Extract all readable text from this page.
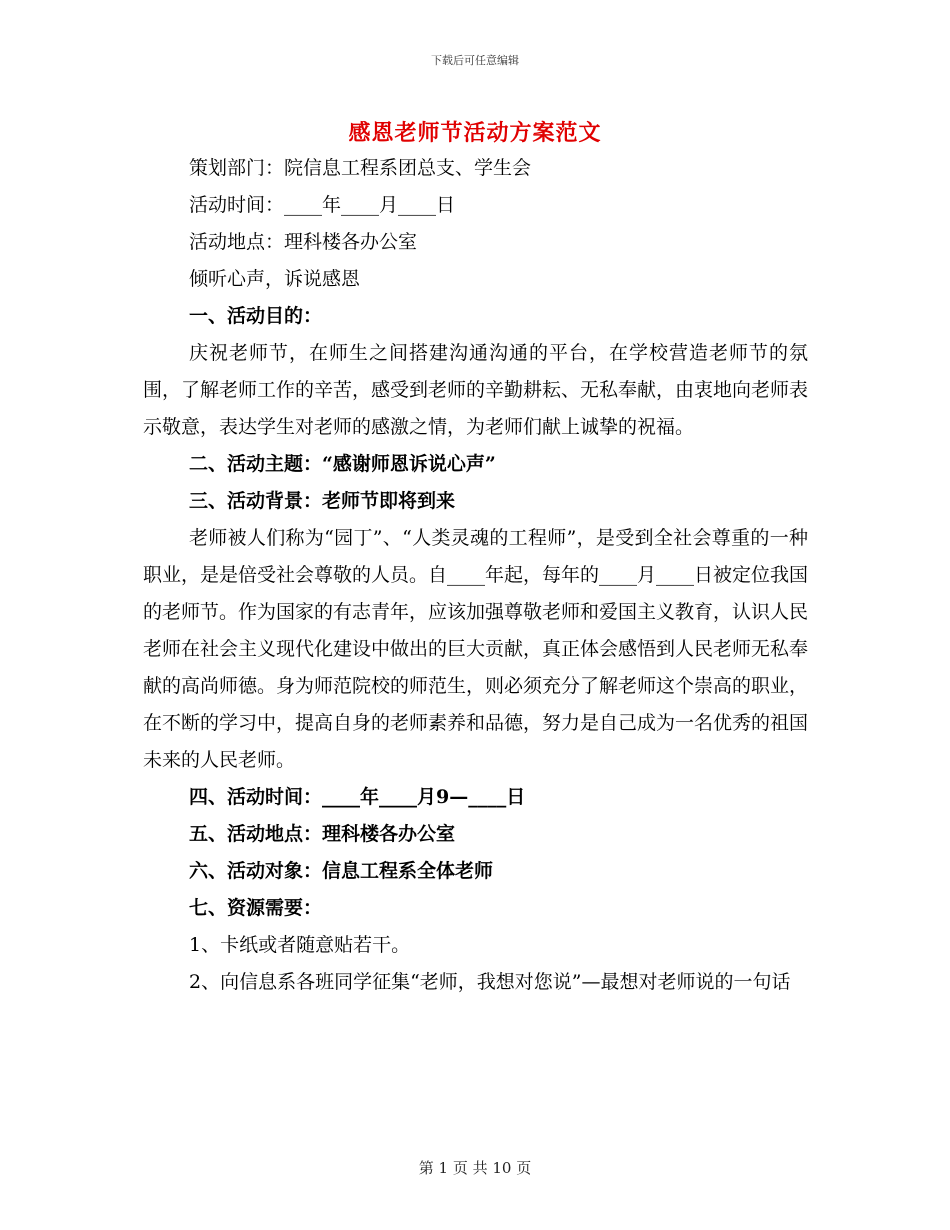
下载后可任意编辑
感恩老师节活动方案范文

策划部门：院信息工程系团总支、学生会

活动时间：____年____月____日

活动地点：理科楼各办公室

倾听心声，诉说感恩

一、活动目的：

庆祝老师节，在师生之间搭建沟通沟通的平台，在学校营造老师节的氛围，了解老师工作的辛苦，感受到老师的辛勤耕耘、无私奉献，由衷地向老师表示敬意，表达学生对老师的感激之情，为老师们献上诚挚的祝福。

二、活动主题：“感谢师恩诉说心声”

三、活动背景：老师节即将到来

老师被人们称为“园丁”、“人类灵魂的工程师”，是受到全社会尊重的一种职业，是是倍受社会尊敬的人员。自____年起，每年的____月____日被定位我国的老师节。作为国家的有志青年，应该加强尊敬老师和爱国主义教育，认识人民老师在社会主义现代化建设中做出的巨大贡献，真正体会感悟到人民老师无私奉献的高尚师德。身为师范院校的师范生，则必须充分了解老师这个崇高的职业，在不断的学习中，提高自身的老师素养和品德，努力是自己成为一名优秀的祖国未来的人民老师。

四、活动时间：____年____月9—____日

五、活动地点：理科楼各办公室

六、活动对象：信息工程系全体老师

七、资源需要：

1、卡纸或者随意贴若干。

2、向信息系各班同学征集“老师，我想对您说”—最想对老师说的一句话

第 1 页 共 10 页
